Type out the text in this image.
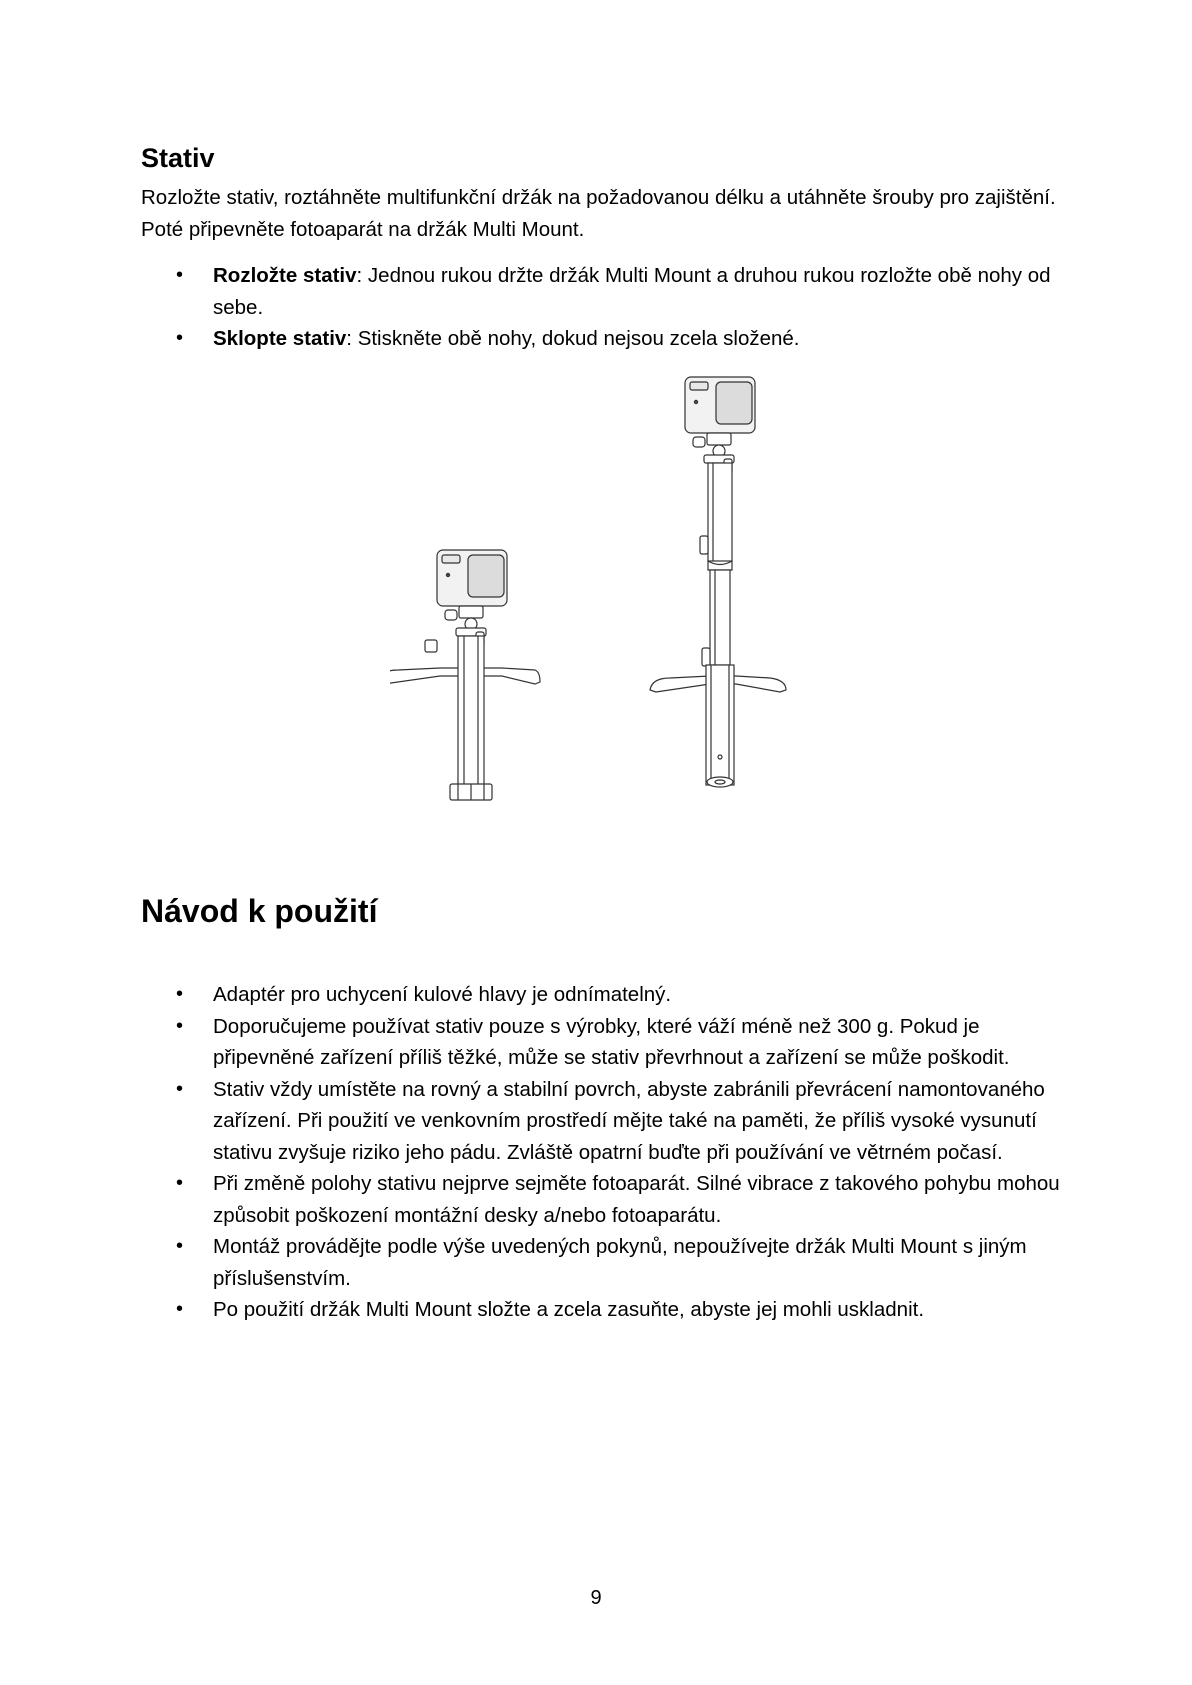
Stativ

Rozložte stativ, roztáhněte multifunkční držák na požadovanou délku a utáhněte šrouby pro zajištění. Poté připevněte fotoaparát na držák Multi Mount.

• Rozložte stativ: Jednou rukou držte držák Multi Mount a druhou rukou rozložte obě nohy od sebe.
• Sklopte stativ: Stiskněte obě nohy, dokud nejsou zcela složené.
Návod k použití
• Adaptér pro uchycení kulové hlavy je odnímatelný.
• Doporučujeme používat stativ pouze s výrobky, které váží méně než 300 g. Pokud je připevněné zařízení příliš těžké, může se stativ převrhnout a zařízení se může poškodit.
• Stativ vždy umístěte na rovný a stabilní povrch, abyste zabránili převrácení namontovaného zařízení. Při použití ve venkovním prostředí mějte také na paměti, že příliš vysoké vysunutí stativu zvyšuje riziko jeho pádu. Zvláště opatrní buďte při používání ve větrném počasí.
• Při změně polohy stativu nejprve sejměte fotoaparát. Silné vibrace z takového pohybu mohou způsobit poškození montážní desky a/nebo fotoaparátu.
• Montáž provádějte podle výše uvedených pokynů, nepoužívejte držák Multi Mount s jiným příslušenstvím.
• Po použití držák Multi Mount složte a zcela zasuňte, abyste jej mohli uskladnit.
9
